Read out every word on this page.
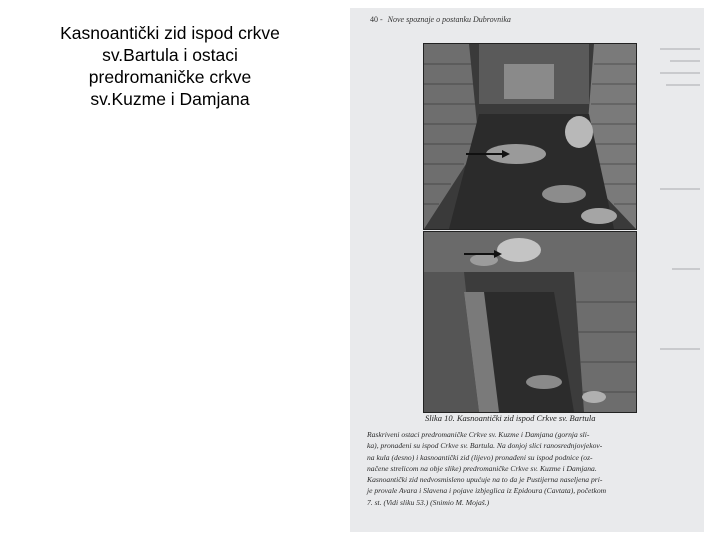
Kasnoantički zid ispod crkve
sv.Bartula i ostaci
predromaničke crkve
sv.Kuzme i Damjana
40 - Nove spoznaje o postanku Dubrovnika
Slika 10. Kasnoantički zid ispod Crkve sv. Bartula
Raskriveni ostaci predromaničke Crkve sv. Kuzme i Damjana (gornja sli-
ka), pronađeni su ispod Crkve sv. Bartula. Na donjoj slici ranosrednjovjekov-
na kula (desno) i kasnoantički zid (lijevo) pronađeni su ispod podnice (oz-
načene strelicom na obje slike) predromaničke Crkve sv. Kuzme i Damjana.
Kasnoantički zid nedvosmisleno upućuje na to da je Pustijerna naseljena pri-
je provale Avara i Slavena i pojave izbjeglica iz Epidoura (Cavtata), početkom
7. st. (Vidi sliku 53.) (Snimio M. Mojaš.)
